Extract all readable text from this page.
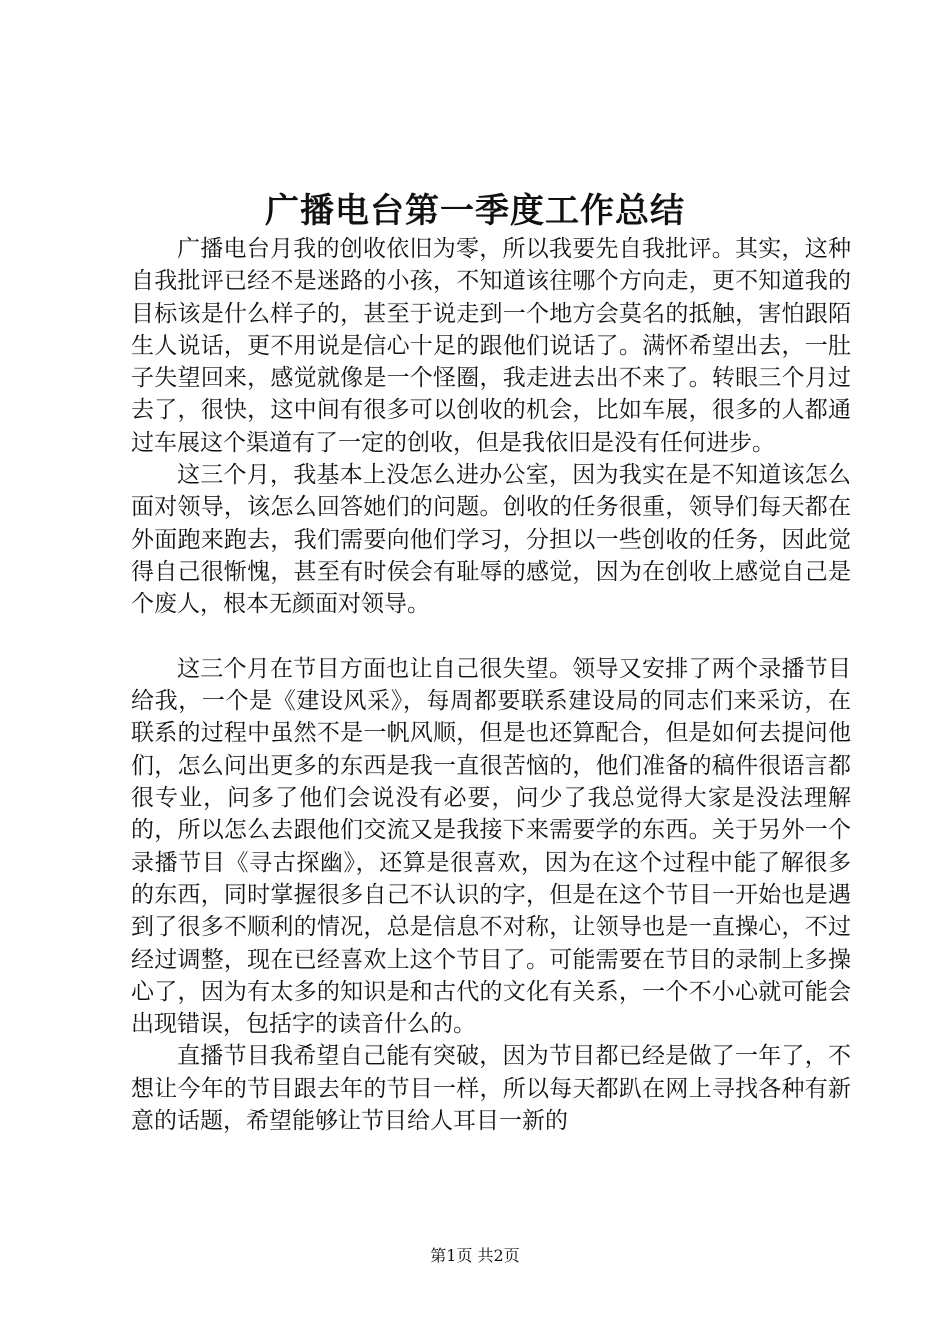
广播电台第一季度工作总结

广播电台月我的创收依旧为零，所以我要先自我批评。其实，这种自我批评已经不是迷路的小孩，不知道该往哪个方向走，更不知道我的目标该是什么样子的，甚至于说走到一个地方会莫名的抵触，害怕跟陌生人说话，更不用说是信心十足的跟他们说话了。满怀希望出去，一肚子失望回来，感觉就像是一个怪圈，我走进去出不来了。转眼三个月过去了，很快，这中间有很多可以创收的机会，比如车展，很多的人都通过车展这个渠道有了一定的创收，但是我依旧是没有任何进步。

这三个月，我基本上没怎么进办公室，因为我实在是不知道该怎么面对领导，该怎么回答她们的问题。创收的任务很重，领导们每天都在外面跑来跑去，我们需要向他们学习，分担以一些创收的任务，因此觉得自己很惭愧，甚至有时侯会有耻辱的感觉，因为在创收上感觉自己是个废人，根本无颜面对领导。

这三个月在节目方面也让自己很失望。领导又安排了两个录播节目给我，一个是《建设风采》，每周都要联系建设局的同志们来采访，在联系的过程中虽然不是一帆风顺，但是也还算配合，但是如何去提问他们，怎么问出更多的东西是我一直很苦恼的，他们准备的稿件很语言都很专业，问多了他们会说没有必要，问少了我总觉得大家是没法理解的，所以怎么去跟他们交流又是我接下来需要学的东西。关于另外一个录播节目《寻古探幽》，还算是很喜欢，因为在这个过程中能了解很多的东西，同时掌握很多自己不认识的字，但是在这个节目一开始也是遇到了很多不顺利的情况，总是信息不对称，让领导也是一直操心，不过经过调整，现在已经喜欢上这个节目了。可能需要在节目的录制上多操心了，因为有太多的知识是和古代的文化有关系，一个不小心就可能会出现错误，包括字的读音什么的。

直播节目我希望自己能有突破，因为节目都已经是做了一年了，不想让今年的节目跟去年的节目一样，所以每天都趴在网上寻找各种有新意的话题，希望能够让节目给人耳目一新的

第1页 共2页
